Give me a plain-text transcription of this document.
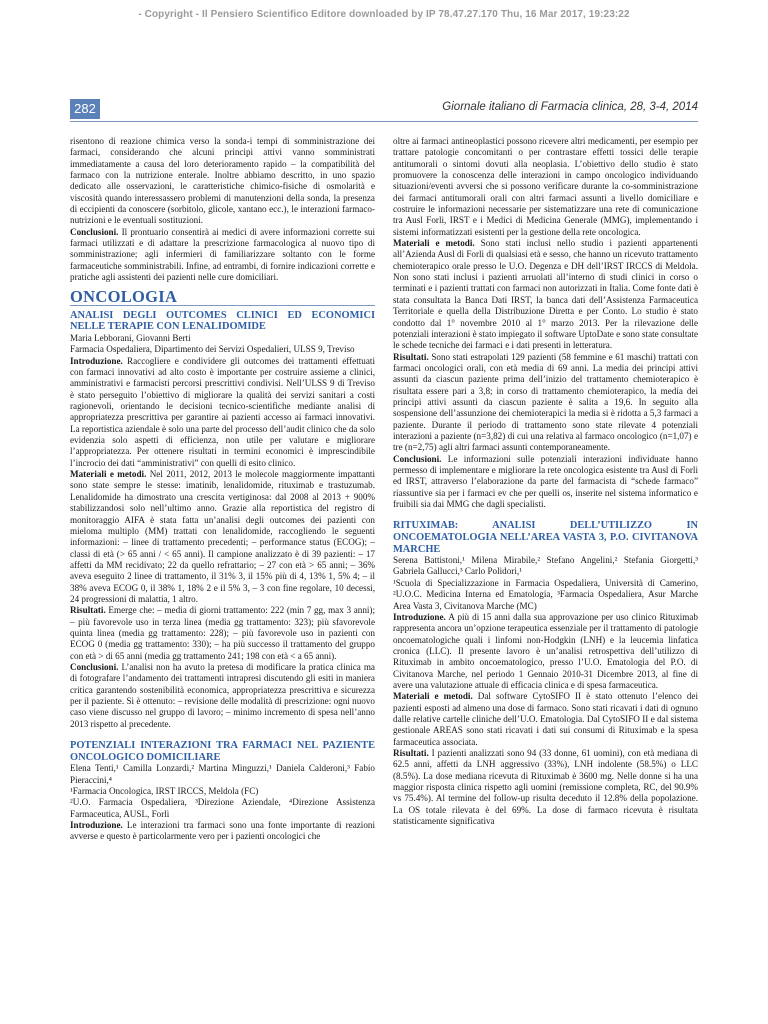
- Copyright - Il Pensiero Scientifico Editore downloaded by IP 78.47.27.170 Thu, 16 Mar 2017, 19:23:22
282	Giornale italiano di Farmacia clinica, 28, 3-4, 2014

risentono di reazione chimica verso la sonda-i tempi di somministrazione dei farmaci, considerando che alcuni principi attivi vanno somministrati immediatamente a causa del loro deterioramento rapido – la compatibilità del farmaco con la nutrizione enterale. Inoltre abbiamo descritto, in uno spazio dedicato alle osservazioni, le caratteristiche chimico-fisiche di osmolarità e viscosità quando interessassero problemi di manutenzioni della sonda, la presenza di eccipienti da conoscere (sorbitolo, glicole, xantano ecc.), le interazioni farmaco-nutrizioni e le eventuali sostituzioni.

Conclusioni. Il prontuario consentirà ai medici di avere informazioni corrette sui farmaci utilizzati e di adattare la prescrizione farmacologica al nuovo tipo di somministrazione; agli infermieri di familiarizzare soltanto con le forme farmaceutiche somministrabili. Infine, ad entrambi, di fornire indicazioni corrette e pratiche agli assistenti dei pazienti nelle cure domiciliari.

ONCOLOGIA
ANALISI DEGLI OUTCOMES CLINICI ED ECONOMICI NELLE TERAPIE CON LENALIDOMIDE

Maria Lebborani, Giovanni Berti

Farmacia Ospedaliera, Dipartimento dei Servizi Ospedalieri, ULSS 9, Treviso

Introduzione. Raccogliere e condividere gli outcomes dei trattamenti effettuati con farmaci innovativi ad alto costo è importante per costruire assieme a clinici, amministrativi e farmacisti percorsi prescrittivi condivisi. Nell’ULSS 9 di Treviso è stato perseguito l’obiettivo di migliorare la qualità dei servizi sanitari a costi ragionevoli, orientando le decisioni tecnico-scientifiche mediante analisi di appropriatezza prescrittiva per garantire ai pazienti accesso ai farmaci innovativi. La reportistica aziendale è solo una parte del processo dell’audit clinico che da solo evidenzia solo aspetti di efficienza, non utile per valutare e migliorare l’appropriatezza. Per ottenere risultati in termini economici è imprescindibile l’incrocio dei dati “amministrativi” con quelli di esito clinico.

Materiali e metodi. Nel 2011, 2012, 2013 le molecole maggiormente impattanti sono state sempre le stesse: imatinib, lenalidomide, rituximab e trastuzumab. Lenalidomide ha dimostrato una crescita vertiginosa: dal 2008 al 2013 + 900% stabilizzandosi solo nell’ultimo anno. Grazie alla reportistica del registro di monitoraggio AIFA è stata fatta un’analisi degli outcomes dei pazienti con mieloma multiplo (MM) trattati con lenalidomide, raccogliendo le seguenti informazioni: – linee di trattamento precedenti; – performance status (ECOG); – classi di età (> 65 anni / < 65 anni). Il campione analizzato è di 39 pazienti: – 17 affetti da MM recidivato; 22 da quello refrattario; – 27 con età > 65 anni; – 36% aveva eseguito 2 linee di trattamento, il 31% 3, il 15% più di 4, 13% 1, 5% 4; – il 38% aveva ECOG 0, il 38% 1, 18% 2 e il 5% 3, – 3 con fine regolare, 10 decessi, 24 progressioni di malattia, 1 altro.

Risultati. Emerge che: – media di giorni trattamento: 222 (min 7 gg, max 3 anni); – più favorevole uso in terza linea (media gg trattamento: 323); più sfavorevole quinta linea (media gg trattamento: 228); – più favorevole uso in pazienti con ECOG 0 (media gg trattamento: 330); – ha più successo il trattamento del gruppo con età > di 65 anni (media gg trattamento 241; 198 con età < a 65 anni).

Conclusioni. L’analisi non ha avuto la pretesa di modificare la pratica clinica ma di fotografare l’andamento dei trattamenti intrapresi discutendo gli esiti in maniera critica garantendo sostenibilità economica, appropriatezza prescrittiva e sicurezza per il paziente. Si è ottenuto: – revisione delle modalità di prescrizione: ogni nuovo caso viene discusso nel gruppo di lavoro; – minimo incremento di spesa nell’anno 2013 rispetto al precedente.

POTENZIALI INTERAZIONI TRA FARMACI NEL PAZIENTE ONCOLOGICO DOMICILIARE

Elena Tenti,¹ Camilla Lonzardi,² Martina Minguzzi,¹ Daniela Calderoni,³ Fabio Pieraccini,⁴

¹Farmacia Oncologica, IRST IRCCS, Meldola (FC)

²U.O. Farmacia Ospedaliera, ³Direzione Aziendale, ⁴Direzione Assistenza Farmaceutica, AUSL, Forlì

Introduzione. Le interazioni tra farmaci sono una fonte importante di reazioni avverse e questo è particolarmente vero per i pazienti oncologici che

oltre ai farmaci antineoplastici possono ricevere altri medicamenti, per esempio per trattare patologie concomitanti o per contrastare effetti tossici delle terapie antitumorali o sintomi dovuti alla neoplasia. L’obiettivo dello studio è stato promuovere la conoscenza delle interazioni in campo oncologico individuando situazioni/eventi avversi che si possono verificare durante la co-somministrazione dei farmaci antitumorali orali con altri farmaci assunti a livello domiciliare e costruire le informazioni necessarie per sistematizzare una rete di comunicazione tra Ausl Forlì, IRST e i Medici di Medicina Generale (MMG), implementando i sistemi informatizzati esistenti per la gestione della rete oncologica.

Materiali e metodi. Sono stati inclusi nello studio i pazienti appartenenti all’Azienda Ausl di Forlì di qualsiasi età e sesso, che hanno un ricevuto trattamento chemioterapico orale presso le U.O. Degenza e DH dell’IRST IRCCS di Meldola. Non sono stati inclusi i pazienti arruolati all’interno di studi clinici in corso o terminati e i pazienti trattati con farmaci non autorizzati in Italia. Come fonte dati è stata consultata la Banca Dati IRST, la banca dati dell’Assistenza Farmaceutica Territoriale e quella della Distribuzione Diretta e per Conto. Lo studio è stato condotto dal 1° novembre 2010 al 1° marzo 2013. Per la rilevazione delle potenziali interazioni è stato impiegato il software UptoDate e sono state consultate le schede tecniche dei farmaci e i dati presenti in letteratura.

Risultati. Sono stati estrapolati 129 pazienti (58 femmine e 61 maschi) trattati con farmaci oncologici orali, con età media di 69 anni. La media dei principi attivi assunti da ciascun paziente prima dell’inizio del trattamento chemioterapico è risultata essere pari a 3,8; in corso di trattamento chemioterapico, la media dei principi attivi assunti da ciascun paziente è salita a 19,6. In seguito alla sospensione dell’assunzione dei chemioterapici la media si è ridotta a 5,3 farmaci a paziente. Durante il periodo di trattamento sono state rilevate 4 potenziali interazioni a paziente (n=3,82) di cui una relativa al farmaco oncologico (n=1,07) e tre (n=2,75) agli altri farmaci assunti contemporaneamente.

Conclusioni. Le informazioni sulle potenziali interazioni individuate hanno permesso di implementare e migliorare la rete oncologica esistente tra Ausl di Forlì ed IRST, attraverso l’elaborazione da parte del farmacista di “schede farmaco” riassuntive sia per i farmaci ev che per quelli os, inserite nel sistema informatico e fruibili sia dai MMG che dagli specialisti.

RITUXIMAB: ANALISI DELL’UTILIZZO IN ONCOEMATOLOGIA NELL’AREA VASTA 3, P.O. CIVITANOVA MARCHE

Serena Battistoni,¹ Milena Mirabile,² Stefano Angelini,² Stefania Giorgetti,³ Gabriela Gallucci,³ Carlo Polidori,¹

¹Scuola di Specializzazione in Farmacia Ospedaliera, Università di Camerino, ²U.O.C. Medicina Interna ed Ematologia, ³Farmacia Ospedaliera, Asur Marche Area Vasta 3, Civitanova Marche (MC)

Introduzione. A più di 15 anni dalla sua approvazione per uso clinico Rituximab rappresenta ancora un’opzione terapeutica essenziale per il trattamento di patologie oncoematologiche quali i linfomi non-Hodgkin (LNH) e la leucemia linfatica cronica (LLC). Il presente lavoro è un’analisi retrospettiva dell’utilizzo di Rituximab in ambito oncoematologico, presso l’U.O. Ematologia del P.O. di Civitanova Marche, nel periodo 1 Gennaio 2010-31 Dicembre 2013, al fine di avere una valutazione attuale di efficacia clinica e di spesa farmaceutica.

Materiali e metodi. Dal software CytoSIFO II è stato ottenuto l’elenco dei pazienti esposti ad almeno una dose di farmaco. Sono stati ricavati i dati di ognuno dalle relative cartelle cliniche dell’U.O. Ematologia. Dal CytoSIFO II e dal sistema gestionale AREAS sono stati ricavati i dati sui consumi di Rituximab e la spesa farmaceutica associata.

Risultati. I pazienti analizzati sono 94 (33 donne, 61 uomini), con età mediana di 62.5 anni, affetti da LNH aggressivo (33%), LNH indolente (58.5%) o LLC (8.5%). La dose mediana ricevuta di Rituximab è 3600 mg. Nelle donne si ha una maggior risposta clinica rispetto agli uomini (remissione completa, RC, del 90.9% vs 75.4%). Al termine del follow-up risulta deceduto il 12.8% della popolazione. La OS totale rilevata è del 69%. La dose di farmaco ricevuta è risultata statisticamente significativa
